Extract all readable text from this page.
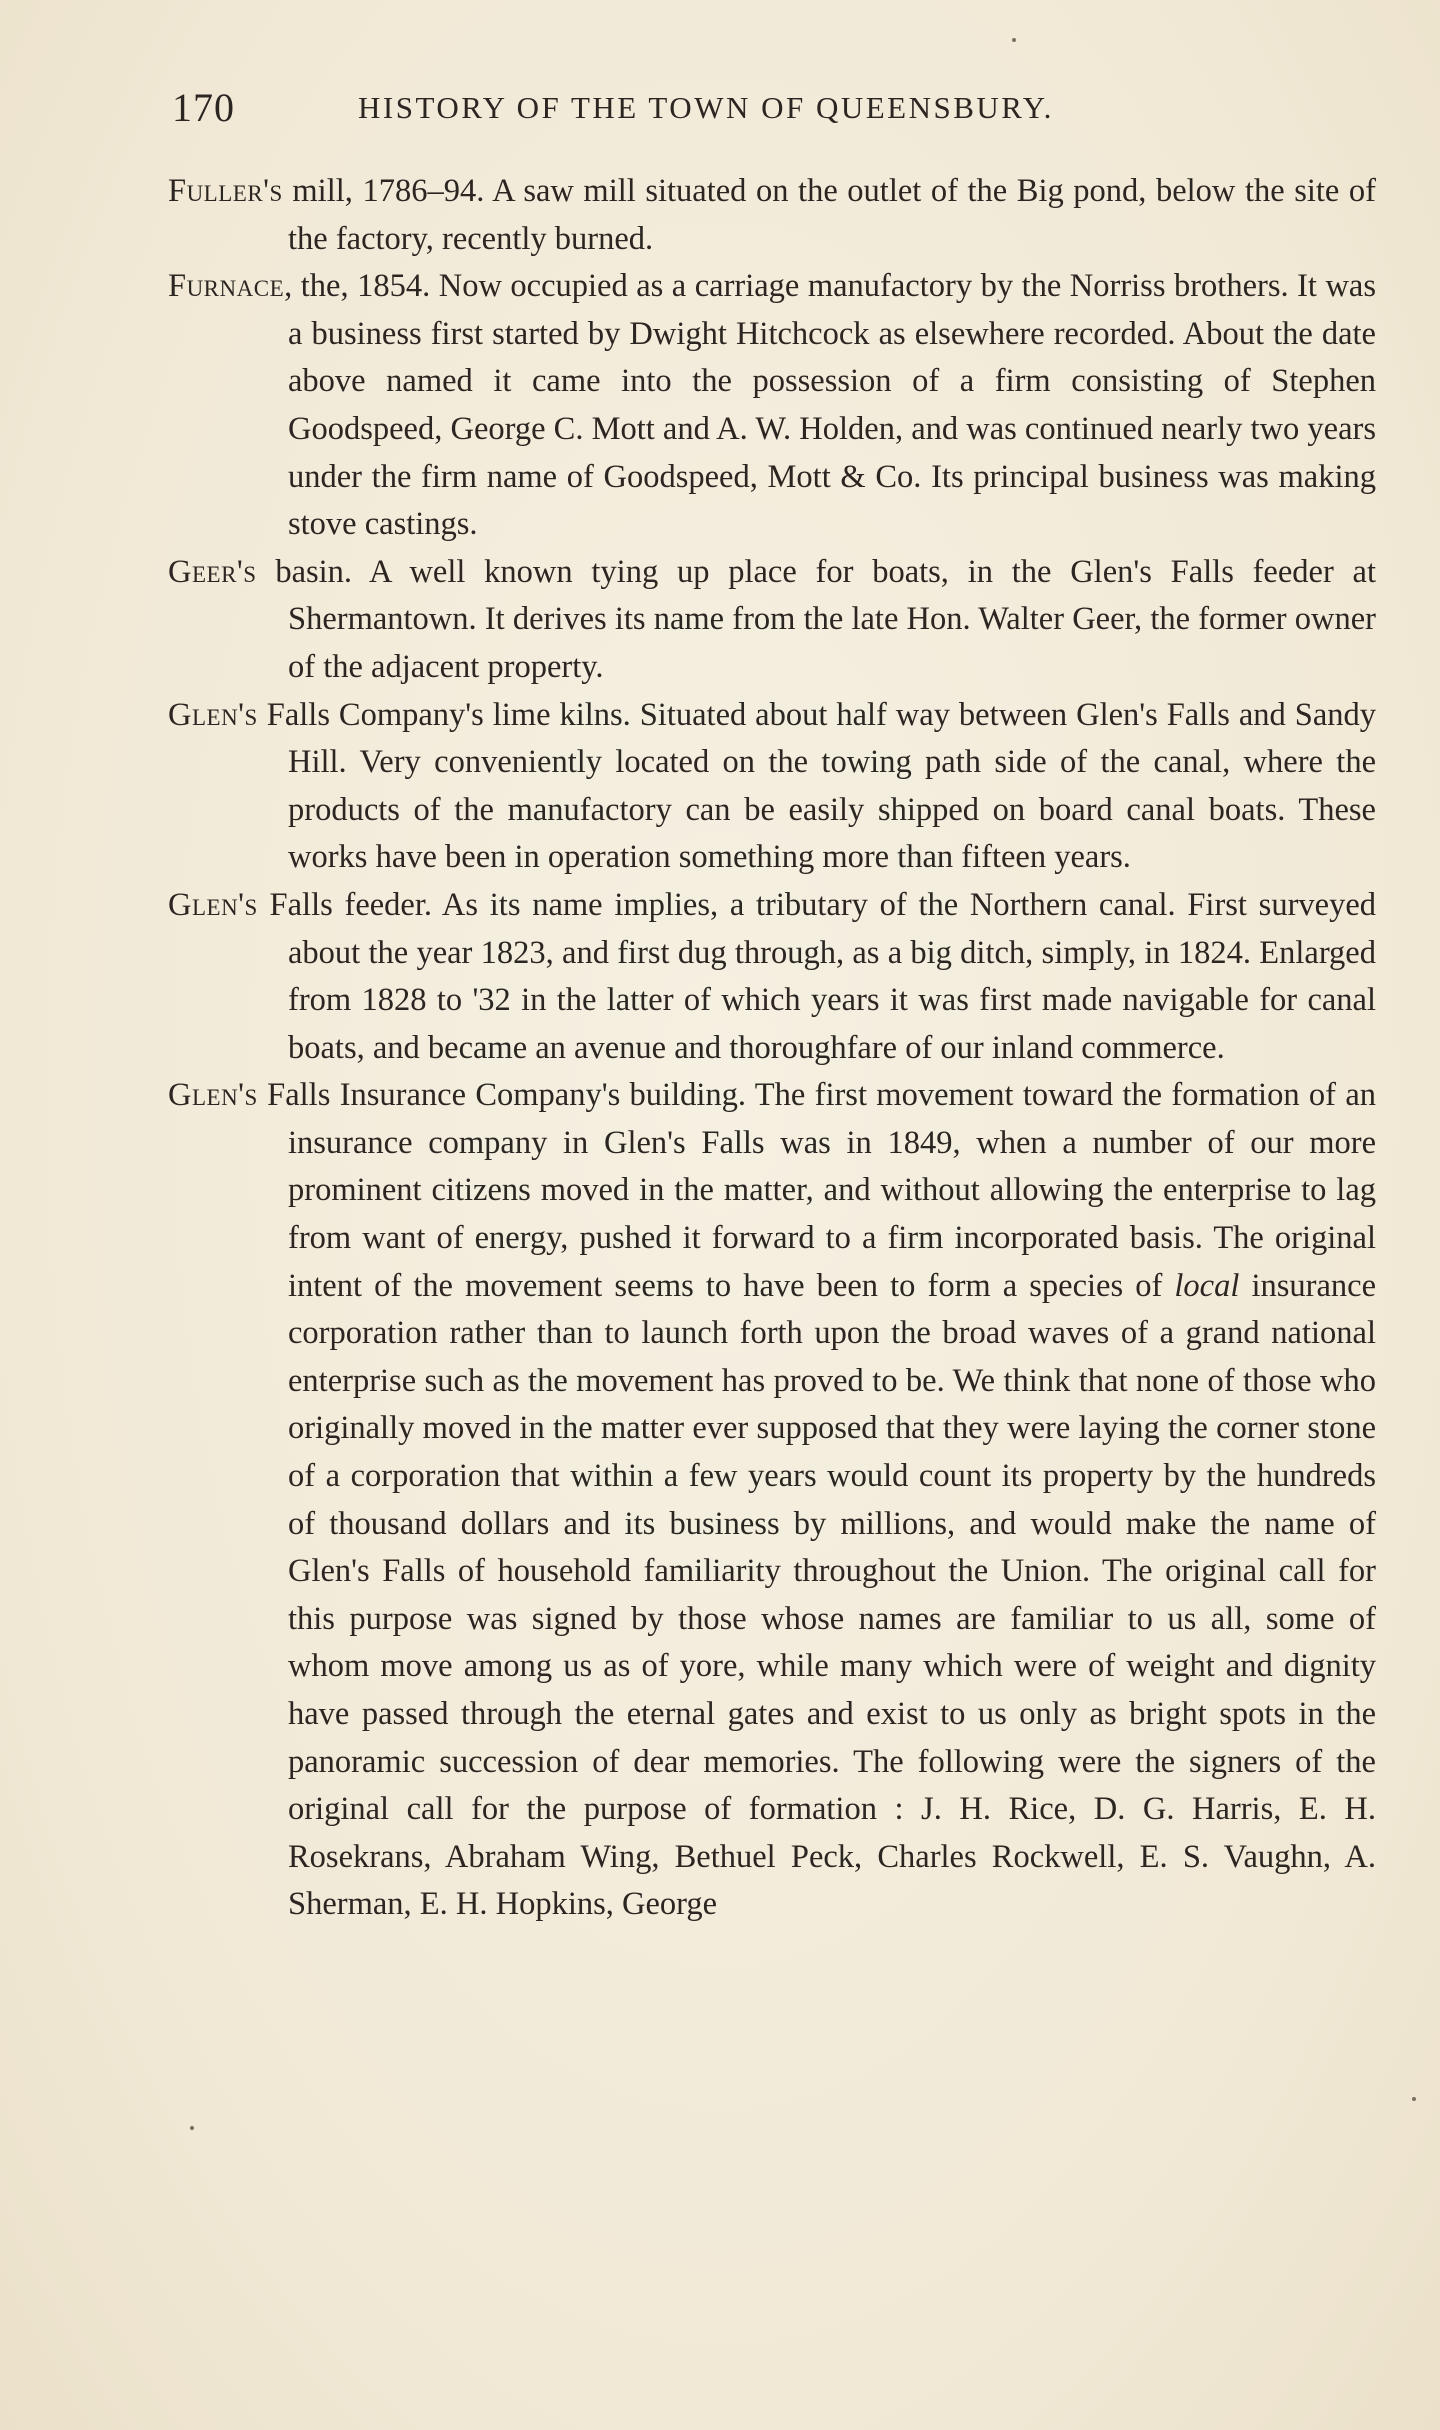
170	HISTORY OF THE TOWN OF QUEENSBURY.

Fuller's mill, 1786–94. A saw mill situated on the outlet of the Big pond, below the site of the factory, recently burned.

Furnace, the, 1854. Now occupied as a carriage manufactory by the Norriss brothers. It was a business first started by Dwight Hitchcock as elsewhere recorded. About the date above named it came into the possession of a firm consisting of Stephen Goodspeed, George C. Mott and A. W. Holden, and was continued nearly two years under the firm name of Goodspeed, Mott & Co. Its principal business was making stove castings.

Geer's basin. A well known tying up place for boats, in the Glen's Falls feeder at Shermantown. It derives its name from the late Hon. Walter Geer, the former owner of the adjacent property.

Glen's Falls Company's lime kilns. Situated about half way between Glen's Falls and Sandy Hill. Very conveniently located on the towing path side of the canal, where the products of the manufactory can be easily shipped on board canal boats. These works have been in operation something more than fifteen years.

Glen's Falls feeder. As its name implies, a tributary of the Northern canal. First surveyed about the year 1823, and first dug through, as a big ditch, simply, in 1824. Enlarged from 1828 to '32 in the latter of which years it was first made navigable for canal boats, and became an avenue and thoroughfare of our inland commerce.

Glen's Falls Insurance Company's building. The first movement toward the formation of an insurance company in Glen's Falls was in 1849, when a number of our more prominent citizens moved in the matter, and without allowing the enterprise to lag from want of energy, pushed it forward to a firm incorporated basis. The original intent of the movement seems to have been to form a species of local insurance corporation rather than to launch forth upon the broad waves of a grand national enterprise such as the movement has proved to be. We think that none of those who originally moved in the matter ever supposed that they were laying the corner stone of a corporation that within a few years would count its property by the hundreds of thousand dollars and its business by millions, and would make the name of Glen's Falls of household familiarity throughout the Union. The original call for this purpose was signed by those whose names are familiar to us all, some of whom move among us as of yore, while many which were of weight and dignity have passed through the eternal gates and exist to us only as bright spots in the panoramic succession of dear memories. The following were the signers of the original call for the purpose of formation : J. H. Rice, D. G. Harris, E. H. Rosekrans, Abraham Wing, Bethuel Peck, Charles Rockwell, E. S. Vaughn, A. Sherman, E. H. Hopkins, George
